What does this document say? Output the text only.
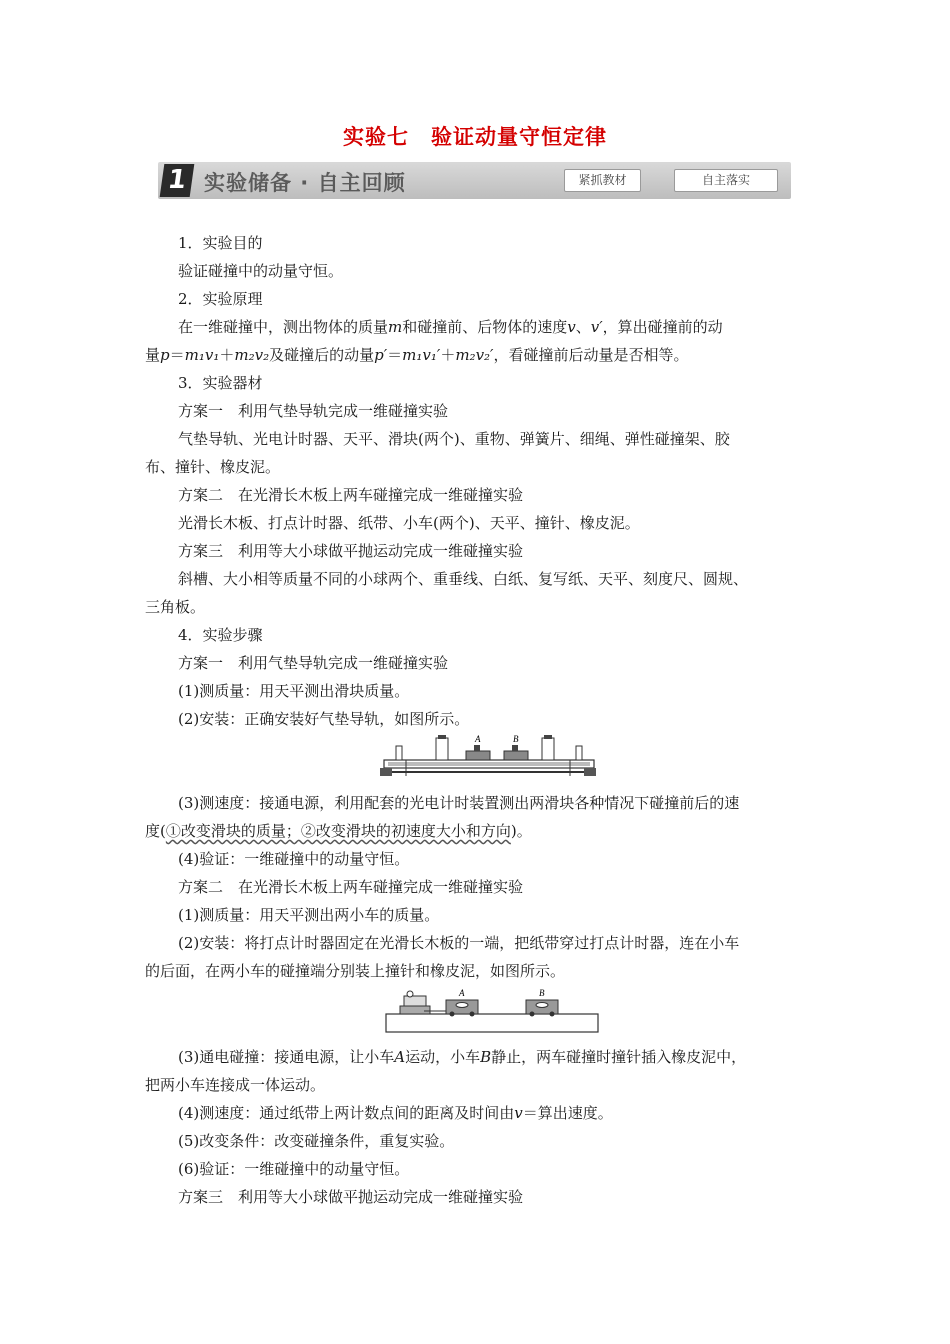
实验七　验证动量守恒定律
1 实验储备 · 自主回顾	紧抓教材	自主落实
1．实验目的
验证碰撞中的动量守恒。
2．实验原理
在一维碰撞中，测出物体的质量m和碰撞前、后物体的速度v、v′，算出碰撞前的动
量p＝m₁v₁＋m₂v₂及碰撞后的动量p′＝m₁v₁′＋m₂v₂′，看碰撞前后动量是否相等。
3．实验器材
方案一　利用气垫导轨完成一维碰撞实验
气垫导轨、光电计时器、天平、滑块(两个)、重物、弹簧片、细绳、弹性碰撞架、胶
布、撞针、橡皮泥。
方案二　在光滑长木板上两车碰撞完成一维碰撞实验
光滑长木板、打点计时器、纸带、小车(两个)、天平、撞针、橡皮泥。
方案三　利用等大小球做平抛运动完成一维碰撞实验
斜槽、大小相等质量不同的小球两个、重垂线、白纸、复写纸、天平、刻度尺、圆规、
三角板。
4．实验步骤
方案一　利用气垫导轨完成一维碰撞实验
(1)测质量：用天平测出滑块质量。
(2)安装：正确安装好气垫导轨，如图所示。
A	B
(3)测速度：接通电源，利用配套的光电计时装置测出两滑块各种情况下碰撞前后的速
度(①改变滑块的质量；②改变滑块的初速度大小和方向)。
(4)验证：一维碰撞中的动量守恒。
方案二　在光滑长木板上两车碰撞完成一维碰撞实验
(1)测质量：用天平测出两小车的质量。
(2)安装：将打点计时器固定在光滑长木板的一端，把纸带穿过打点计时器，连在小车
的后面，在两小车的碰撞端分别装上撞针和橡皮泥，如图所示。
A	B
(3)通电碰撞：接通电源，让小车A运动，小车B静止，两车碰撞时撞针插入橡皮泥中，
把两小车连接成一体运动。
(4)测速度：通过纸带上两计数点间的距离及时间由v＝算出速度。
(5)改变条件：改变碰撞条件，重复实验。
(6)验证：一维碰撞中的动量守恒。
方案三　利用等大小球做平抛运动完成一维碰撞实验
